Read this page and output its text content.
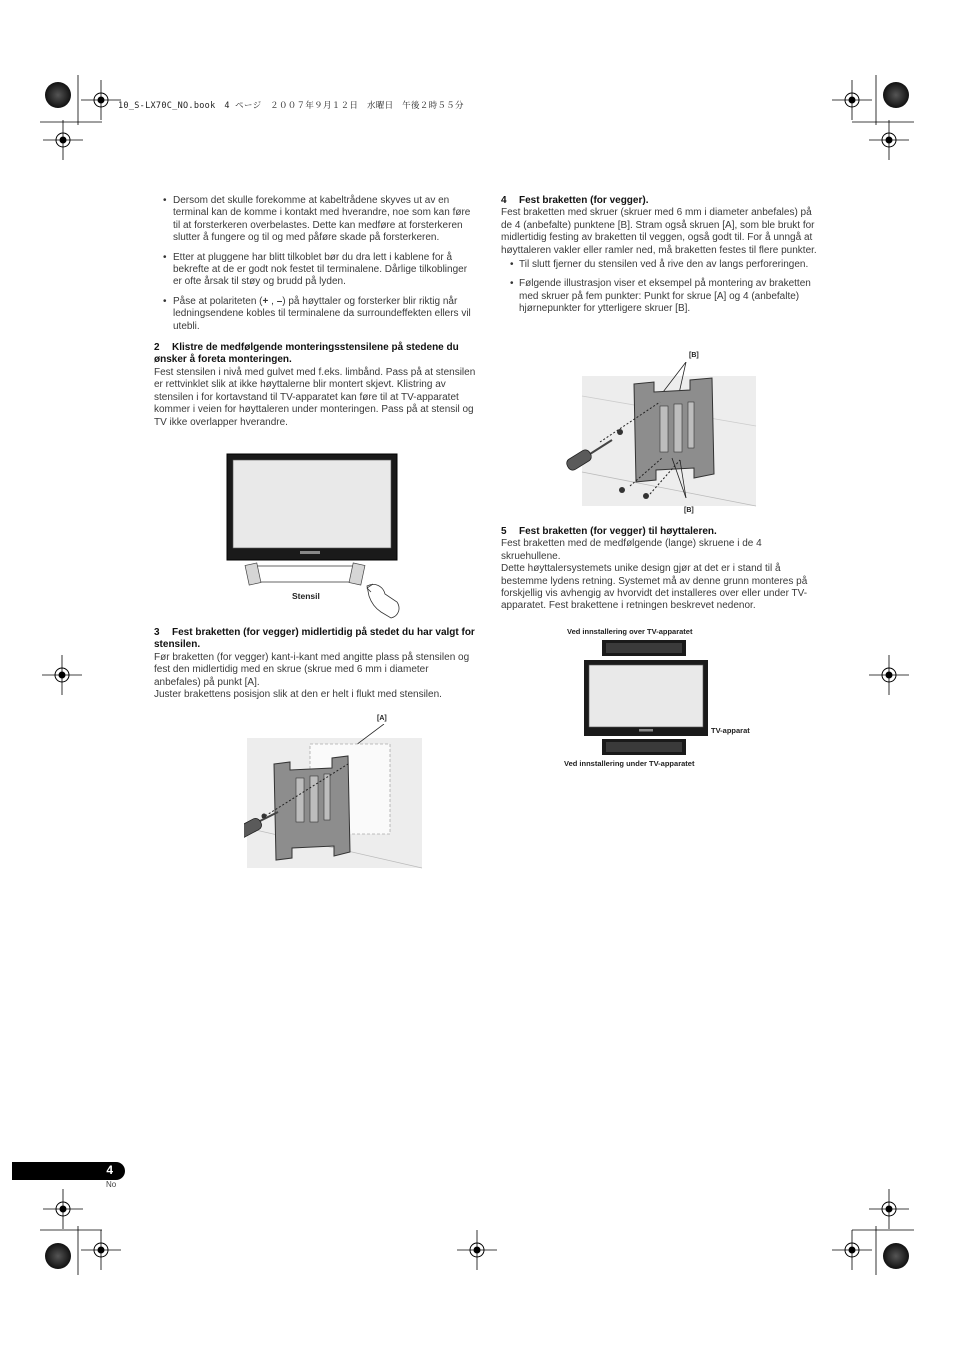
10_S-LX70C_NO.book　4 ページ　２００７年９月１２日　水曜日　午後２時５５分
• Dersom det skulle forekomme at kabeltrådene skyves ut av en terminal kan de komme i kontakt med hverandre, noe som kan føre til at forsterkeren overbelastes. Dette kan medføre at forsterkeren slutter å fungere og til og med påføre skade på forsterkeren.
• Etter at pluggene har blitt tilkoblet bør du dra lett i kablene for å bekrefte at de er godt nok festet til terminalene. Dårlige tilkoblinger er ofte årsak til støy og brudd på lyden.
• Påse at polariteten (+ , –) på høyttaler og forsterker blir riktig når ledningsendene kobles til terminalene da surroundeffekten ellers vil utebli.

2 Klistre de medfølgende monteringsstensilene på stedene du ønsker å foreta monteringen.

Fest stensilen i nivå med gulvet med f.eks. limbånd. Pass på at stensilen er rettvinklet slik at ikke høyttalerne blir montert skjevt. Klistring av stensilen i for kortavstand til TV-apparatet kan føre til at TV-apparatet kommer i veien for høyttaleren under monteringen. Pass på at stensil og TV ikke overlapper hverandre.

Stensil

3 Fest braketten (for vegger) midlertidig på stedet du har valgt for stensilen.

Før braketten (for vegger) kant-i-kant med angitte plass på stensilen og fest den midlertidig med en skrue (skrue med 6 mm i diameter anbefales) på punkt [A].

Juster brakettens posisjon slik at den er helt i flukt med stensilen.

[A]

4 Fest braketten (for vegger).

Fest braketten med skruer (skruer med 6 mm i diameter anbefales) på de 4 (anbefalte) punktene [B]. Stram også skruen [A], som ble brukt for midlertidig festing av braketten til veggen, også godt til. For å unngå at høyttaleren vakler eller ramler ned, må braketten festes til flere punkter.

• Til slutt fjerner du stensilen ved å rive den av langs perforeringen.
• Følgende illustrasjon viser et eksempel på montering av braketten med skruer på fem punkter: Punkt for skrue [A] og 4 (anbefalte) hjørnepunkter for ytterligere skruer [B].
[B]
[B]

5 Fest braketten (for vegger) til høyttaleren.

Fest braketten med de medfølgende (lange) skruene i de 4 skruehullene.

Dette høyttalersystemets unike design gjør at det er i stand til å bestemme lydens retning. Systemet må av denne grunn monteres på forskjellig vis avhengig av hvorvidt det installeres over eller under TV-apparatet. Fest brakettene i retningen beskrevet nedenor.

Ved innstallering over TV-apparatet
TV-apparat
Ved innstallering under TV-apparatet
4
No
